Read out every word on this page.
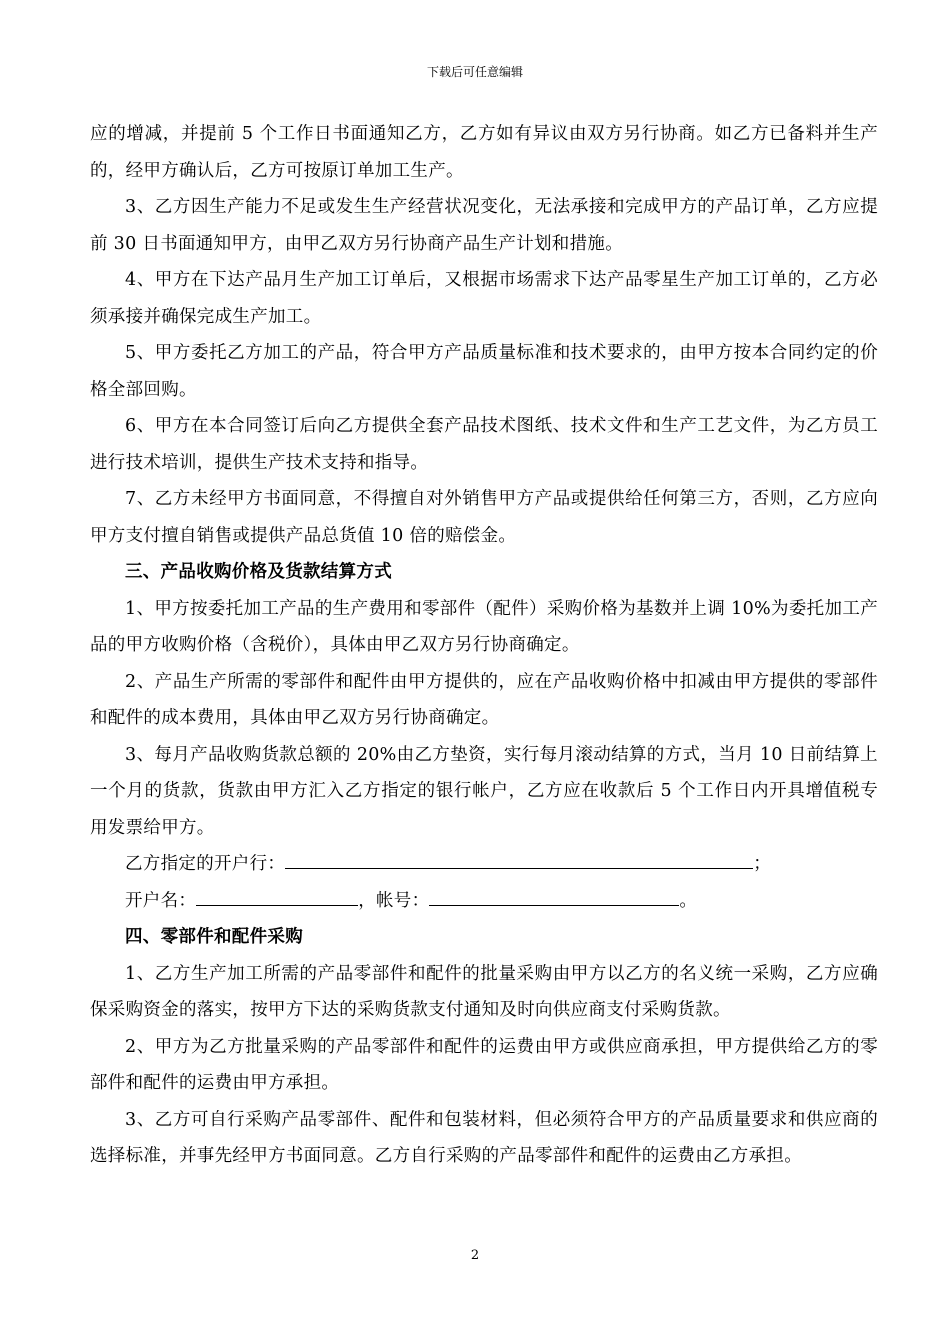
下载后可任意编辑

应的增减，并提前 5 个工作日书面通知乙方，乙方如有异议由双方另行协商。如乙方已备料并生产的，经甲方确认后，乙方可按原订单加工生产。

3、乙方因生产能力不足或发生生产经营状况变化，无法承接和完成甲方的产品订单，乙方应提前 30 日书面通知甲方，由甲乙双方另行协商产品生产计划和措施。

4、甲方在下达产品月生产加工订单后，又根据市场需求下达产品零星生产加工订单的，乙方必须承接并确保完成生产加工。

5、甲方委托乙方加工的产品，符合甲方产品质量标准和技术要求的，由甲方按本合同约定的价格全部回购。

6、甲方在本合同签订后向乙方提供全套产品技术图纸、技术文件和生产工艺文件，为乙方员工进行技术培训，提供生产技术支持和指导。

7、乙方未经甲方书面同意，不得擅自对外销售甲方产品或提供给任何第三方，否则，乙方应向甲方支付擅自销售或提供产品总货值 10 倍的赔偿金。

三、产品收购价格及货款结算方式

1、甲方按委托加工产品的生产费用和零部件（配件）采购价格为基数并上调 10%为委托加工产品的甲方收购价格（含税价），具体由甲乙双方另行协商确定。

2、产品生产所需的零部件和配件由甲方提供的，应在产品收购价格中扣减由甲方提供的零部件和配件的成本费用，具体由甲乙双方另行协商确定。

3、每月产品收购货款总额的 20%由乙方垫资，实行每月滚动结算的方式，当月 10 日前结算上一个月的货款，货款由甲方汇入乙方指定的银行帐户，乙方应在收款后 5 个工作日内开具增值税专用发票给甲方。

乙方指定的开户行：	；

开户名：	，帐号：	。

四、零部件和配件采购

1、乙方生产加工所需的产品零部件和配件的批量采购由甲方以乙方的名义统一采购，乙方应确保采购资金的落实，按甲方下达的采购货款支付通知及时向供应商支付采购货款。

2、甲方为乙方批量采购的产品零部件和配件的运费由甲方或供应商承担，甲方提供给乙方的零部件和配件的运费由甲方承担。

3、乙方可自行采购产品零部件、配件和包装材料，但必须符合甲方的产品质量要求和供应商的选择标准，并事先经甲方书面同意。乙方自行采购的产品零部件和配件的运费由乙方承担。

2
